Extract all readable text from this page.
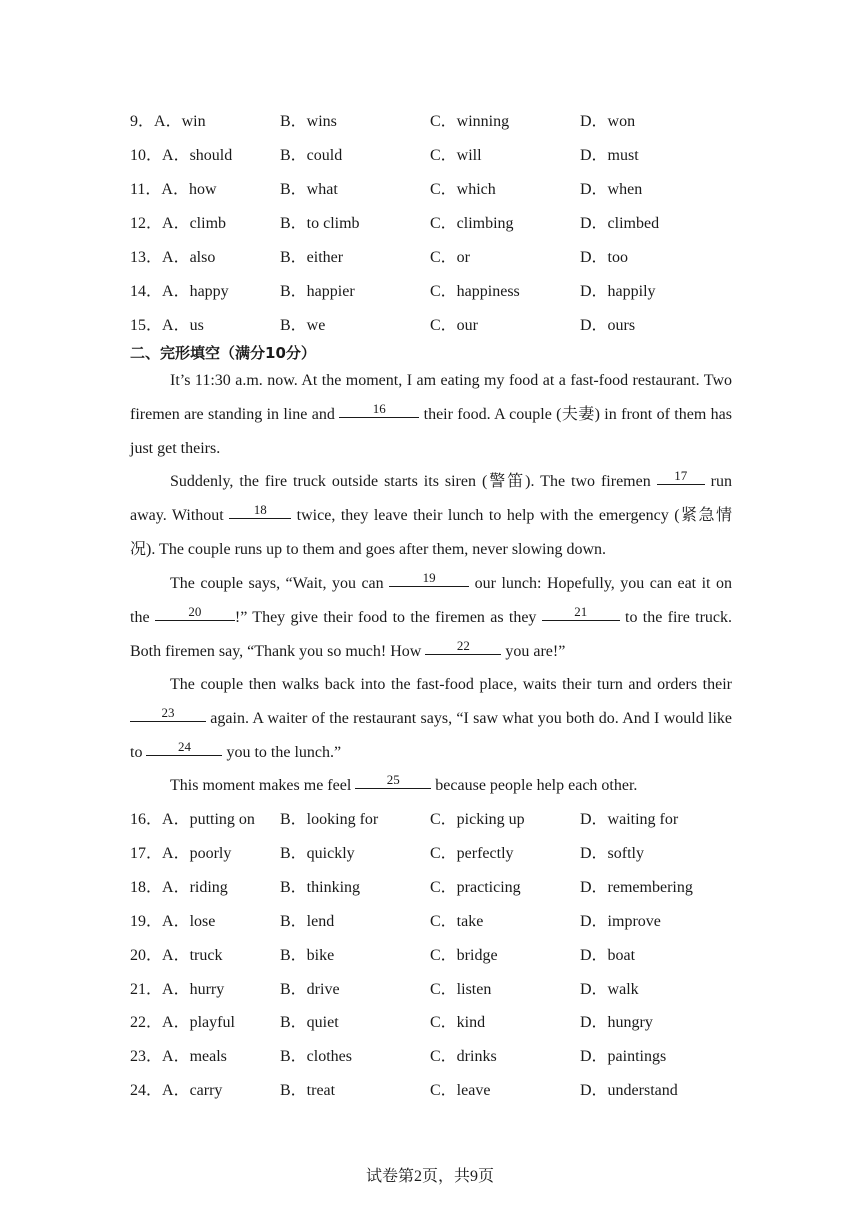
9．A．win	B．wins	C．winning	D．won
10．A．should	B．could	C．will	D．must
11．A．how	B．what	C．which	D．when
12．A．climb	B．to climb	C．climbing	D．climbed
13．A．also	B．either	C．or	D．too
14．A．happy	B．happier	C．happiness	D．happily
15．A．us	B．we	C．our	D．ours
二、完形填空（满分10分）
It’s 11:30 a.m. now. At the moment, I am eating my food at a fast-food restaurant. Two firemen are standing in line and	16 their food. A couple (夫妻) in front of them has just get theirs.
Suddenly, the fire truck outside starts its siren (警笛). The two firemen 17 run away. Without 18 twice, they leave their lunch to help with the emergency (紧急情况). The couple runs up to them and goes after them, never slowing down.
The couple says, “Wait, you can	19 our lunch: Hopefully, you can eat it on the	20 !” They give their food to the firemen as they	21 to the fire truck. Both firemen say, “Thank you so much! How 22 you are!”
The couple then walks back into the fast-food place, waits their turn and orders their 23 again. A waiter of the restaurant says, “I saw what you both do. And I would like to 24 you to the lunch.”
This moment makes me feel 25 because people help each other.
16．A．putting on B．looking for	C．picking up	D．waiting for
17．A．poorly	B．quickly	C．perfectly	D．softly
18．A．riding	B．thinking	C．practicing	D．remembering
19．A．lose	B．lend	C．take	D．improve
20．A．truck	B．bike	C．bridge	D．boat
21．A．hurry	B．drive	C．listen	D．walk
22．A．playful	B．quiet	C．kind	D．hungry
23．A．meals	B．clothes	C．drinks	D．paintings
24．A．carry	B．treat	C．leave	D．understand
试卷第2页，共9页
